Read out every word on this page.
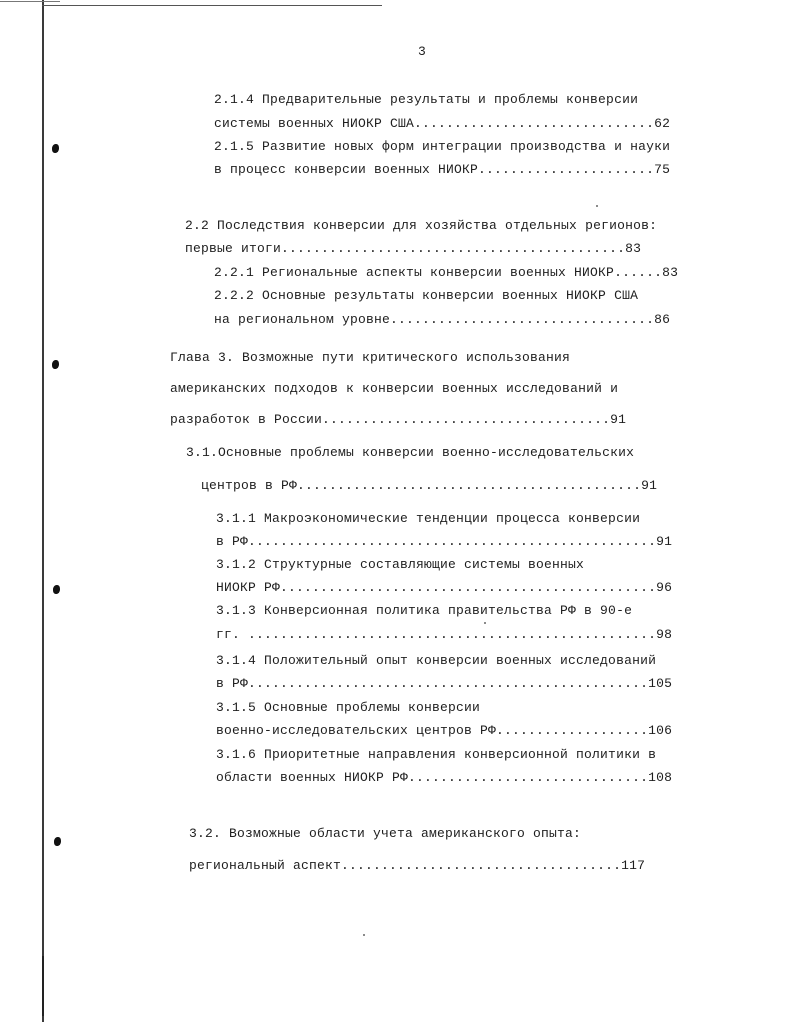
3
2.1.4 Предварительные результаты и проблемы конверсии
системы военных НИОКР США..............................62
2.1.5 Развитие новых форм интеграции производства и науки
в процесс конверсии военных НИОКР......................75
2.2 Последствия конверсии для хозяйства отдельных регионов:
первые итоги...........................................83
2.2.1 Региональные аспекты конверсии военных НИОКР......83
2.2.2 Основные результаты конверсии военных НИОКР США
на региональном уровне.................................86
Глава 3. Возможные пути критического использования
американских подходов к конверсии военных исследований и
разработок в России....................................91
3.1.Основные проблемы конверсии военно-исследовательских
центров в РФ...........................................91
3.1.1 Макроэкономические тенденции процесса конверсии
в РФ...................................................91
3.1.2 Структурные составляющие системы военных
НИОКР РФ...............................................96
3.1.3 Конверсионная политика правительства РФ в 90-е
гг. ...................................................98
3.1.4 Положительный опыт конверсии военных исследований
в РФ..................................................105
3.1.5 Основные проблемы конверсии
военно-исследовательских центров РФ...................106
3.1.6 Приоритетные направления конверсионной политики в
области военных НИОКР РФ..............................108
3.2. Возможные области учета американского опыта:
региональный аспект...................................117
